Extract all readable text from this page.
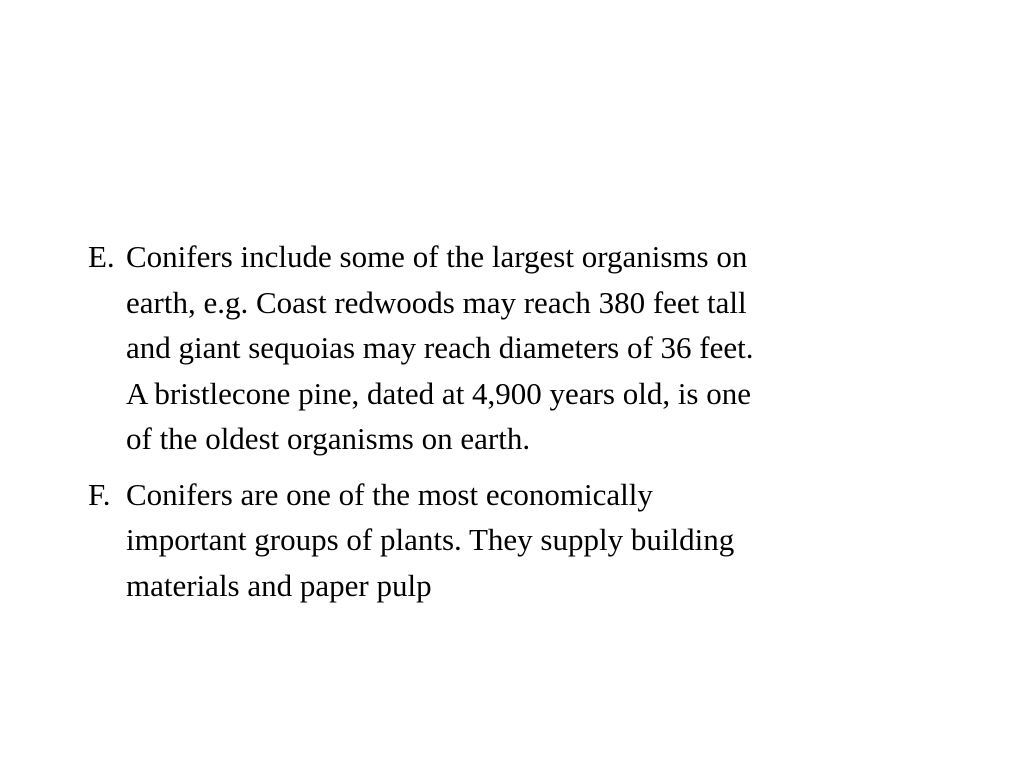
E. Conifers include some of the largest organisms on
earth, e.g. Coast redwoods may reach 380 feet tall
and giant sequoias may reach diameters of 36 feet.
A bristlecone pine, dated at 4,900 years old, is one
of the oldest organisms on earth.
F. Conifers are one of the most economically
important groups of plants. They supply building
materials and paper pulp
